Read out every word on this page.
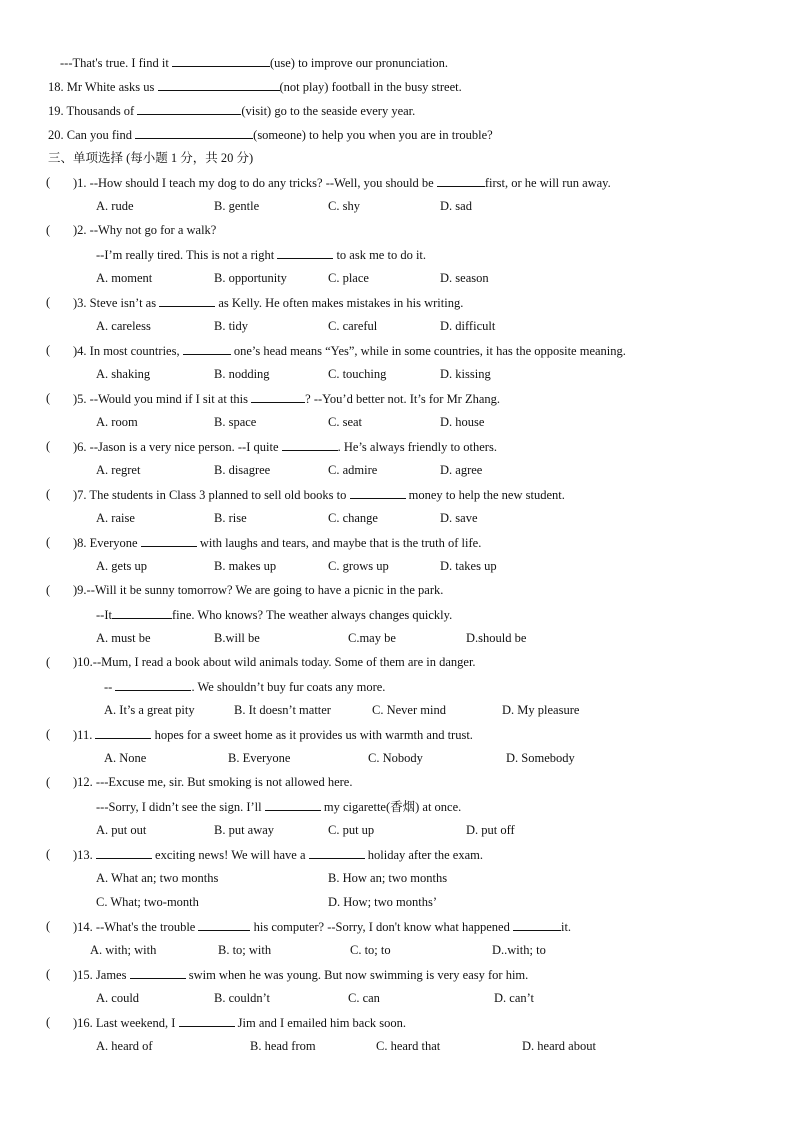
---That's true. I find it	(use) to improve our pronunciation.
18. Mr White asks us	(not play) football in the busy street.
19. Thousands of	(visit) go to the seaside every year.
20. Can you find	(someone) to help you when you are in trouble?
三、单项选择 (每小题 1 分，共 20 分)
)1. --How should I teach my dog to do any tricks? --Well, you should be	first, or he will run away.
(
A. rude	B. gentle	C. shy	D. sad
)2. --Why not go for a walk?
(
--I’m really tired. This is not a right	to ask me to do it.
A. moment	B. opportunity	C. place	D. season
)3. Steve isn’t as	as Kelly. He often makes mistakes in his writing.
(
A. careless	B. tidy	C. careful	D. difficult
)4. In most countries,	one’s head means “Yes”, while in some countries, it has the opposite meaning.
(
A. shaking	B. nodding	C. touching	D. kissing
)5. --Would you mind if I sit at this	? --You’d better not. It’s for Mr Zhang.
(
A. room	B. space	C. seat	D. house
)6. --Jason is a very nice person. --I quite	. He’s always friendly to others.
(
A. regret	B. disagree	C. admire	D. agree
)7. The students in Class 3 planned to sell old books to	money to help the new student.
(
A. raise	B. rise	C. change	D. save
)8. Everyone	with laughs and tears, and maybe that is the truth of life.
(
A. gets up	B. makes up	C. grows up	D. takes up
)9.--Will it be sunny tomorrow? We are going to have a picnic in the park.
(
--It	fine. Who knows? The weather always changes quickly.
A. must be	B.will be	C.may be	D.should be
)10.--Mum, I read a book about wild animals today. Some of them are in danger.
(
--	. We shouldn’t buy fur coats any more.
A. It’s a great pity	B. It doesn’t matter	C. Never mind	D. My pleasure
)11.	hopes for a sweet home as it provides us with warmth and trust.
(
A. None	B. Everyone	C. Nobody	D. Somebody
)12. ---Excuse me, sir. But smoking is not allowed here.
(
---Sorry, I didn’t see the sign. I’ll	my cigarette(香烟) at once.
A. put out	B. put away	C. put up	D. put off
)13.	exciting news! We will have a	holiday after the exam.
(
A. What an; two months	B. How an; two months
C. What; two-month	D. How; two months’
)14. --What's the trouble	his computer? --Sorry, I don't know what happened	it.
(
A. with; with	B. to; with	C. to; to	D..with; to
)15. James	swim when he was young. But now swimming is very easy for him.
(
A. could	B. couldn’t	C. can	D. can’t
)16. Last weekend, I	Jim and I emailed him back soon.
(
A. heard of	B. head from	C. heard that	D. heard about
